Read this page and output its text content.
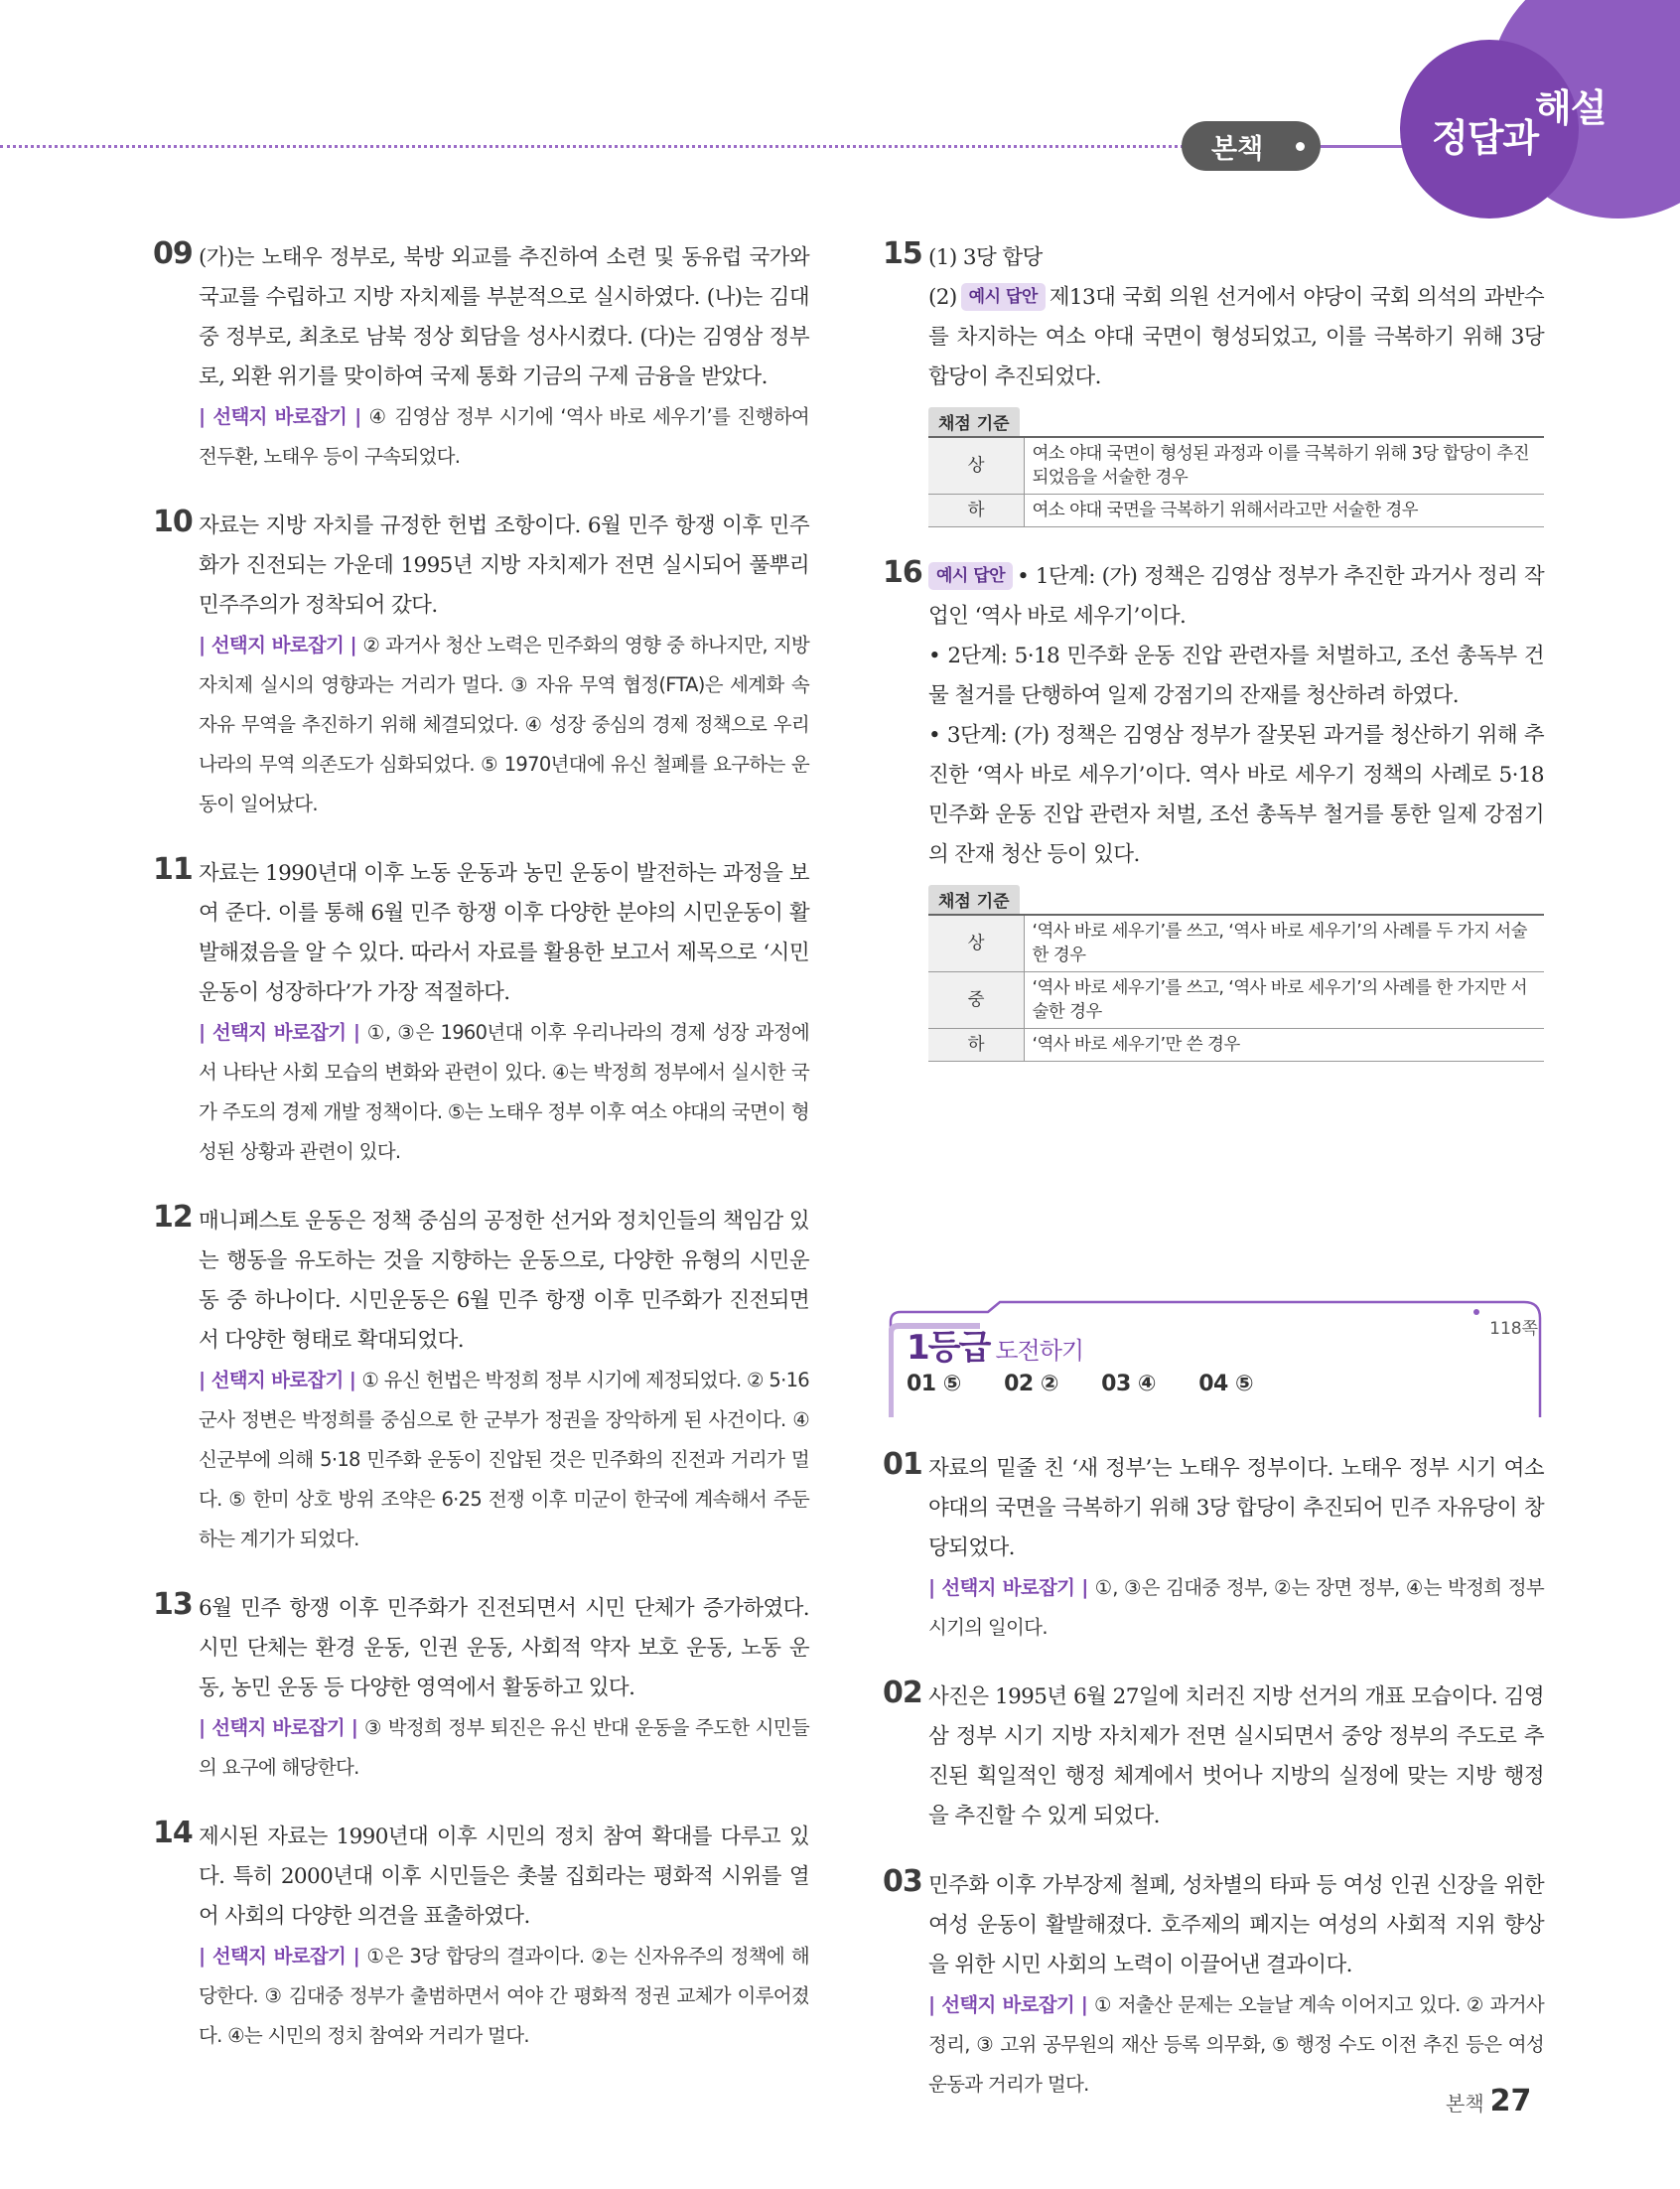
본책	정답과
해설
09 (가)는 노태우 정부로, 북방 외교를 추진하여 소련 및 동유럽 국가와 국교를 수립하고 지방 자치제를 부분적으로 실시하였다. (나)는 김대중 정부로, 최초로 남북 정상 회담을 성사시켰다. (다)는 김영삼 정부로, 외환 위기를 맞이하여 국제 통화 기금의 구제 금융을 받았다.

| 선택지 바로잡기 | ④ 김영삼 정부 시기에 ‘역사 바로 세우기’를 진행하여 전두환, 노태우 등이 구속되었다.

10 자료는 지방 자치를 규정한 헌법 조항이다. 6월 민주 항쟁 이후 민주화가 진전되는 가운데 1995년 지방 자치제가 전면 실시되어 풀뿌리 민주주의가 정착되어 갔다.

| 선택지 바로잡기 | ② 과거사 청산 노력은 민주화의 영향 중 하나지만, 지방 자치제 실시의 영향과는 거리가 멀다. ③ 자유 무역 협정(FTA)은 세계화 속 자유 무역을 추진하기 위해 체결되었다. ④ 성장 중심의 경제 정책으로 우리나라의 무역 의존도가 심화되었다. ⑤ 1970년대에 유신 철폐를 요구하는 운동이 일어났다.

11 자료는 1990년대 이후 노동 운동과 농민 운동이 발전하는 과정을 보여 준다. 이를 통해 6월 민주 항쟁 이후 다양한 분야의 시민운동이 활발해졌음을 알 수 있다. 따라서 자료를 활용한 보고서 제목으로 ‘시민운동이 성장하다’가 가장 적절하다.

| 선택지 바로잡기 | ①, ③은 1960년대 이후 우리나라의 경제 성장 과정에서 나타난 사회 모습의 변화와 관련이 있다. ④는 박정희 정부에서 실시한 국가 주도의 경제 개발 정책이다. ⑤는 노태우 정부 이후 여소 야대의 국면이 형성된 상황과 관련이 있다.

12 매니페스토 운동은 정책 중심의 공정한 선거와 정치인들의 책임감 있는 행동을 유도하는 것을 지향하는 운동으로, 다양한 유형의 시민운동 중 하나이다. 시민운동은 6월 민주 항쟁 이후 민주화가 진전되면서 다양한 형태로 확대되었다.

| 선택지 바로잡기 | ① 유신 헌법은 박정희 정부 시기에 제정되었다. ② 5·16 군사 정변은 박정희를 중심으로 한 군부가 정권을 장악하게 된 사건이다. ④ 신군부에 의해 5·18 민주화 운동이 진압된 것은 민주화의 진전과 거리가 멀다. ⑤ 한미 상호 방위 조약은 6·25 전쟁 이후 미군이 한국에 계속해서 주둔하는 계기가 되었다.

13 6월 민주 항쟁 이후 민주화가 진전되면서 시민 단체가 증가하였다. 시민 단체는 환경 운동, 인권 운동, 사회적 약자 보호 운동, 노동 운동, 농민 운동 등 다양한 영역에서 활동하고 있다.

| 선택지 바로잡기 | ③ 박정희 정부 퇴진은 유신 반대 운동을 주도한 시민들의 요구에 해당한다.

14 제시된 자료는 1990년대 이후 시민의 정치 참여 확대를 다루고 있다. 특히 2000년대 이후 시민들은 촛불 집회라는 평화적 시위를 열어 사회의 다양한 의견을 표출하였다.

| 선택지 바로잡기 | ①은 3당 합당의 결과이다. ②는 신자유주의 정책에 해당한다. ③ 김대중 정부가 출범하면서 여야 간 평화적 정권 교체가 이루어졌다. ④는 시민의 정치 참여와 거리가 멀다.

15 (1) 3당 합당

(2) 예시 답안 제13대 국회 의원 선거에서 야당이 국회 의석의 과반수를 차지하는 여소 야대 국면이 형성되었고, 이를 극복하기 위해 3당 합당이 추진되었다.

채점 기준
상	여소 야대 국면이 형성된 과정과 이를 극복하기 위해 3당 합당이 추진되었음을 서술한 경우
하	여소 야대 국면을 극복하기 위해서라고만 서술한 경우
16 예시 답안 • 1단계: (가) 정책은 김영삼 정부가 추진한 과거사 정리 작업인 ‘역사 바로 세우기’이다.

• 2단계: 5·18 민주화 운동 진압 관련자를 처벌하고, 조선 총독부 건물 철거를 단행하여 일제 강점기의 잔재를 청산하려 하였다.

• 3단계: (가) 정책은 김영삼 정부가 잘못된 과거를 청산하기 위해 추진한 ‘역사 바로 세우기’이다. 역사 바로 세우기 정책의 사례로 5·18 민주화 운동 진압 관련자 처벌, 조선 총독부 철거를 통한 일제 강점기의 잔재 청산 등이 있다.

채점 기준
상	‘역사 바로 세우기’를 쓰고, ‘역사 바로 세우기’의 사례를 두 가지 서술한 경우
중	‘역사 바로 세우기’를 쓰고, ‘역사 바로 세우기’의 사례를 한 가지만 서술한 경우
하	‘역사 바로 세우기’만 쓴 경우
1등급 도전하기
118쪽
01 ⑤ 02 ② 03 ④ 04 ⑤
01 자료의 밑줄 친 ‘새 정부’는 노태우 정부이다. 노태우 정부 시기 여소 야대의 국면을 극복하기 위해 3당 합당이 추진되어 민주 자유당이 창당되었다.

| 선택지 바로잡기 | ①, ③은 김대중 정부, ②는 장면 정부, ④는 박정희 정부 시기의 일이다.

02 사진은 1995년 6월 27일에 치러진 지방 선거의 개표 모습이다. 김영삼 정부 시기 지방 자치제가 전면 실시되면서 중앙 정부의 주도로 추진된 획일적인 행정 체계에서 벗어나 지방의 실정에 맞는 지방 행정을 추진할 수 있게 되었다.

03 민주화 이후 가부장제 철폐, 성차별의 타파 등 여성 인권 신장을 위한 여성 운동이 활발해졌다. 호주제의 폐지는 여성의 사회적 지위 향상을 위한 시민 사회의 노력이 이끌어낸 결과이다.

| 선택지 바로잡기 | ① 저출산 문제는 오늘날 계속 이어지고 있다. ② 과거사 정리, ③ 고위 공무원의 재산 등록 의무화, ⑤ 행정 수도 이전 추진 등은 여성 운동과 거리가 멀다.

본책 27
